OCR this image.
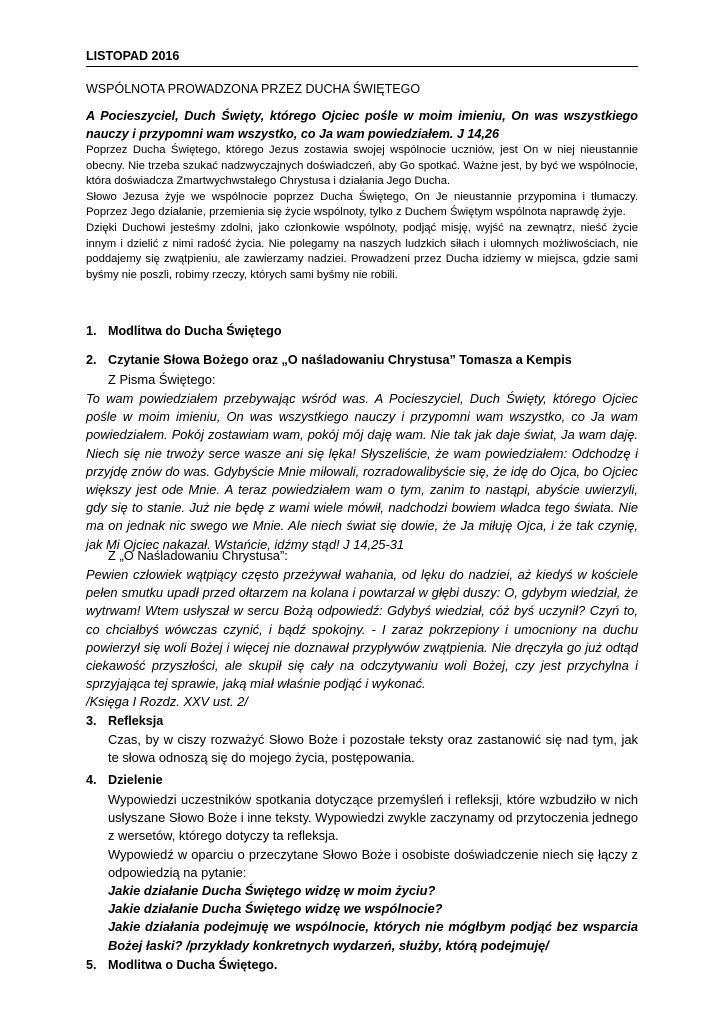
LISTOPAD 2016
WSPÓLNOTA PROWADZONA PRZEZ DUCHA ŚWIĘTEGO
A Pocieszyciel, Duch Święty, którego Ojciec pośle w moim imieniu, On was wszystkiego nauczy i przypomni wam wszystko, co Ja wam powiedziałem. J 14,26

Poprzez Ducha Świętego, którego Jezus zostawia swojej wspólnocie uczniów, jest On w niej nieustannie obecny. Nie trzeba szukać nadzwyczajnych doświadczeń, aby Go spotkać. Ważne jest, by być we wspólnocie, która doświadcza Zmartwychwstałego Chrystusa i działania Jego Ducha.

Słowo Jezusa żyje we wspólnocie poprzez Ducha Świętego, On Je nieustannie przypomina i tłumaczy. Poprzez Jego działanie, przemienia się życie wspólnoty, tylko z Duchem Świętym wspólnota naprawdę żyje.

Dzięki Duchowi jesteśmy zdolni, jako członkowie wspólnoty, podjąć misję, wyjść na zewnątrz, nieść życie innym i dzielić z nimi radość życia. Nie polegamy na naszych ludzkich siłach i ułomnych możliwościach, nie poddajemy się zwątpieniu, ale zawierzamy nadziei. Prowadzeni przez Ducha idziemy w miejsca, gdzie sami byśmy nie poszli, robimy rzeczy, których sami byśmy nie robili.

1. Modlitwa do Ducha Świętego
2. Czytanie Słowa Bożego oraz „O naśladowaniu Chrystusa” Tomasza a Kempis
Z Pisma Świętego:
To wam powiedziałem przebywając wśród was. A Pocieszyciel, Duch Święty, którego Ojciec pośle w moim imieniu, On was wszystkiego nauczy i przypomni wam wszystko, co Ja wam powiedziałem. Pokój zostawiam wam, pokój mój daję wam. Nie tak jak daje świat, Ja wam daję. Niech się nie trwoży serce wasze ani się lęka! Słyszeliście, że wam powiedziałem: Odchodzę i przyjdę znów do was. Gdybyście Mnie miłowali, rozradowalibyście się, że idę do Ojca, bo Ojciec większy jest ode Mnie. A teraz powiedziałem wam o tym, zanim to nastąpi, abyście uwierzyli, gdy się to stanie. Już nie będę z wami wiele mówił, nadchodzi bowiem władca tego świata. Nie ma on jednak nic swego we Mnie. Ale niech świat się dowie, że Ja miłuję Ojca, i że tak czynię, jak Mi Ojciec nakazał. Wstańcie, idźmy stąd! J 14,25-31
Z „O Naśladowaniu Chrystusa”:

Pewien człowiek wątpiący często przeżywał wahania, od lęku do nadziei, aż kiedyś w kościele pełen smutku upadł przed ołtarzem na kolana i powtarzał w głębi duszy: O, gdybym wiedział, że wytrwam! Wtem usłyszał w sercu Bożą odpowiedź: Gdybyś wiedział, cóż byś uczynił? Czyń to, co chciałbyś wówczas czynić, i bądź spokojny. - I zaraz pokrzepiony i umocniony na duchu powierzył się woli Bożej i więcej nie doznawał przypływów zwątpienia. Nie dręczyła go już odtąd ciekawość przyszłości, ale skupił się cały na odczytywaniu woli Bożej, czy jest przychylna i sprzyjająca tej sprawie, jaką miał właśnie podjąć i wykonać.

/Księga I Rozdz. XXV ust. 2/

3. Refleksja
Czas, by w ciszy rozważyć Słowo Boże i pozostałe teksty oraz zastanowić się nad tym, jak te słowa odnoszą się do mojego życia, postępowania.
4. Dzielenie

Wypowiedzi uczestników spotkania dotyczące przemyśleń i refleksji, które wzbudziło w nich usłyszane Słowo Boże i inne teksty. Wypowiedzi zwykle zaczynamy od przytoczenia jednego z wersetów, którego dotyczy ta refleksja.

Wypowiedź w oparciu o przeczytane Słowo Boże i osobiste doświadczenie niech się łączy z odpowiedzią na pytanie:

Jakie działanie Ducha Świętego widzę w moim życiu?

Jakie działanie Ducha Świętego widzę we wspólnocie?

Jakie działania podejmuję we wspólnocie, których nie mógłbym podjąć bez wsparcia Bożej łaski? /przykłady konkretnych wydarzeń, służby, którą podejmuję/

5. Modlitwa o Ducha Świętego.
